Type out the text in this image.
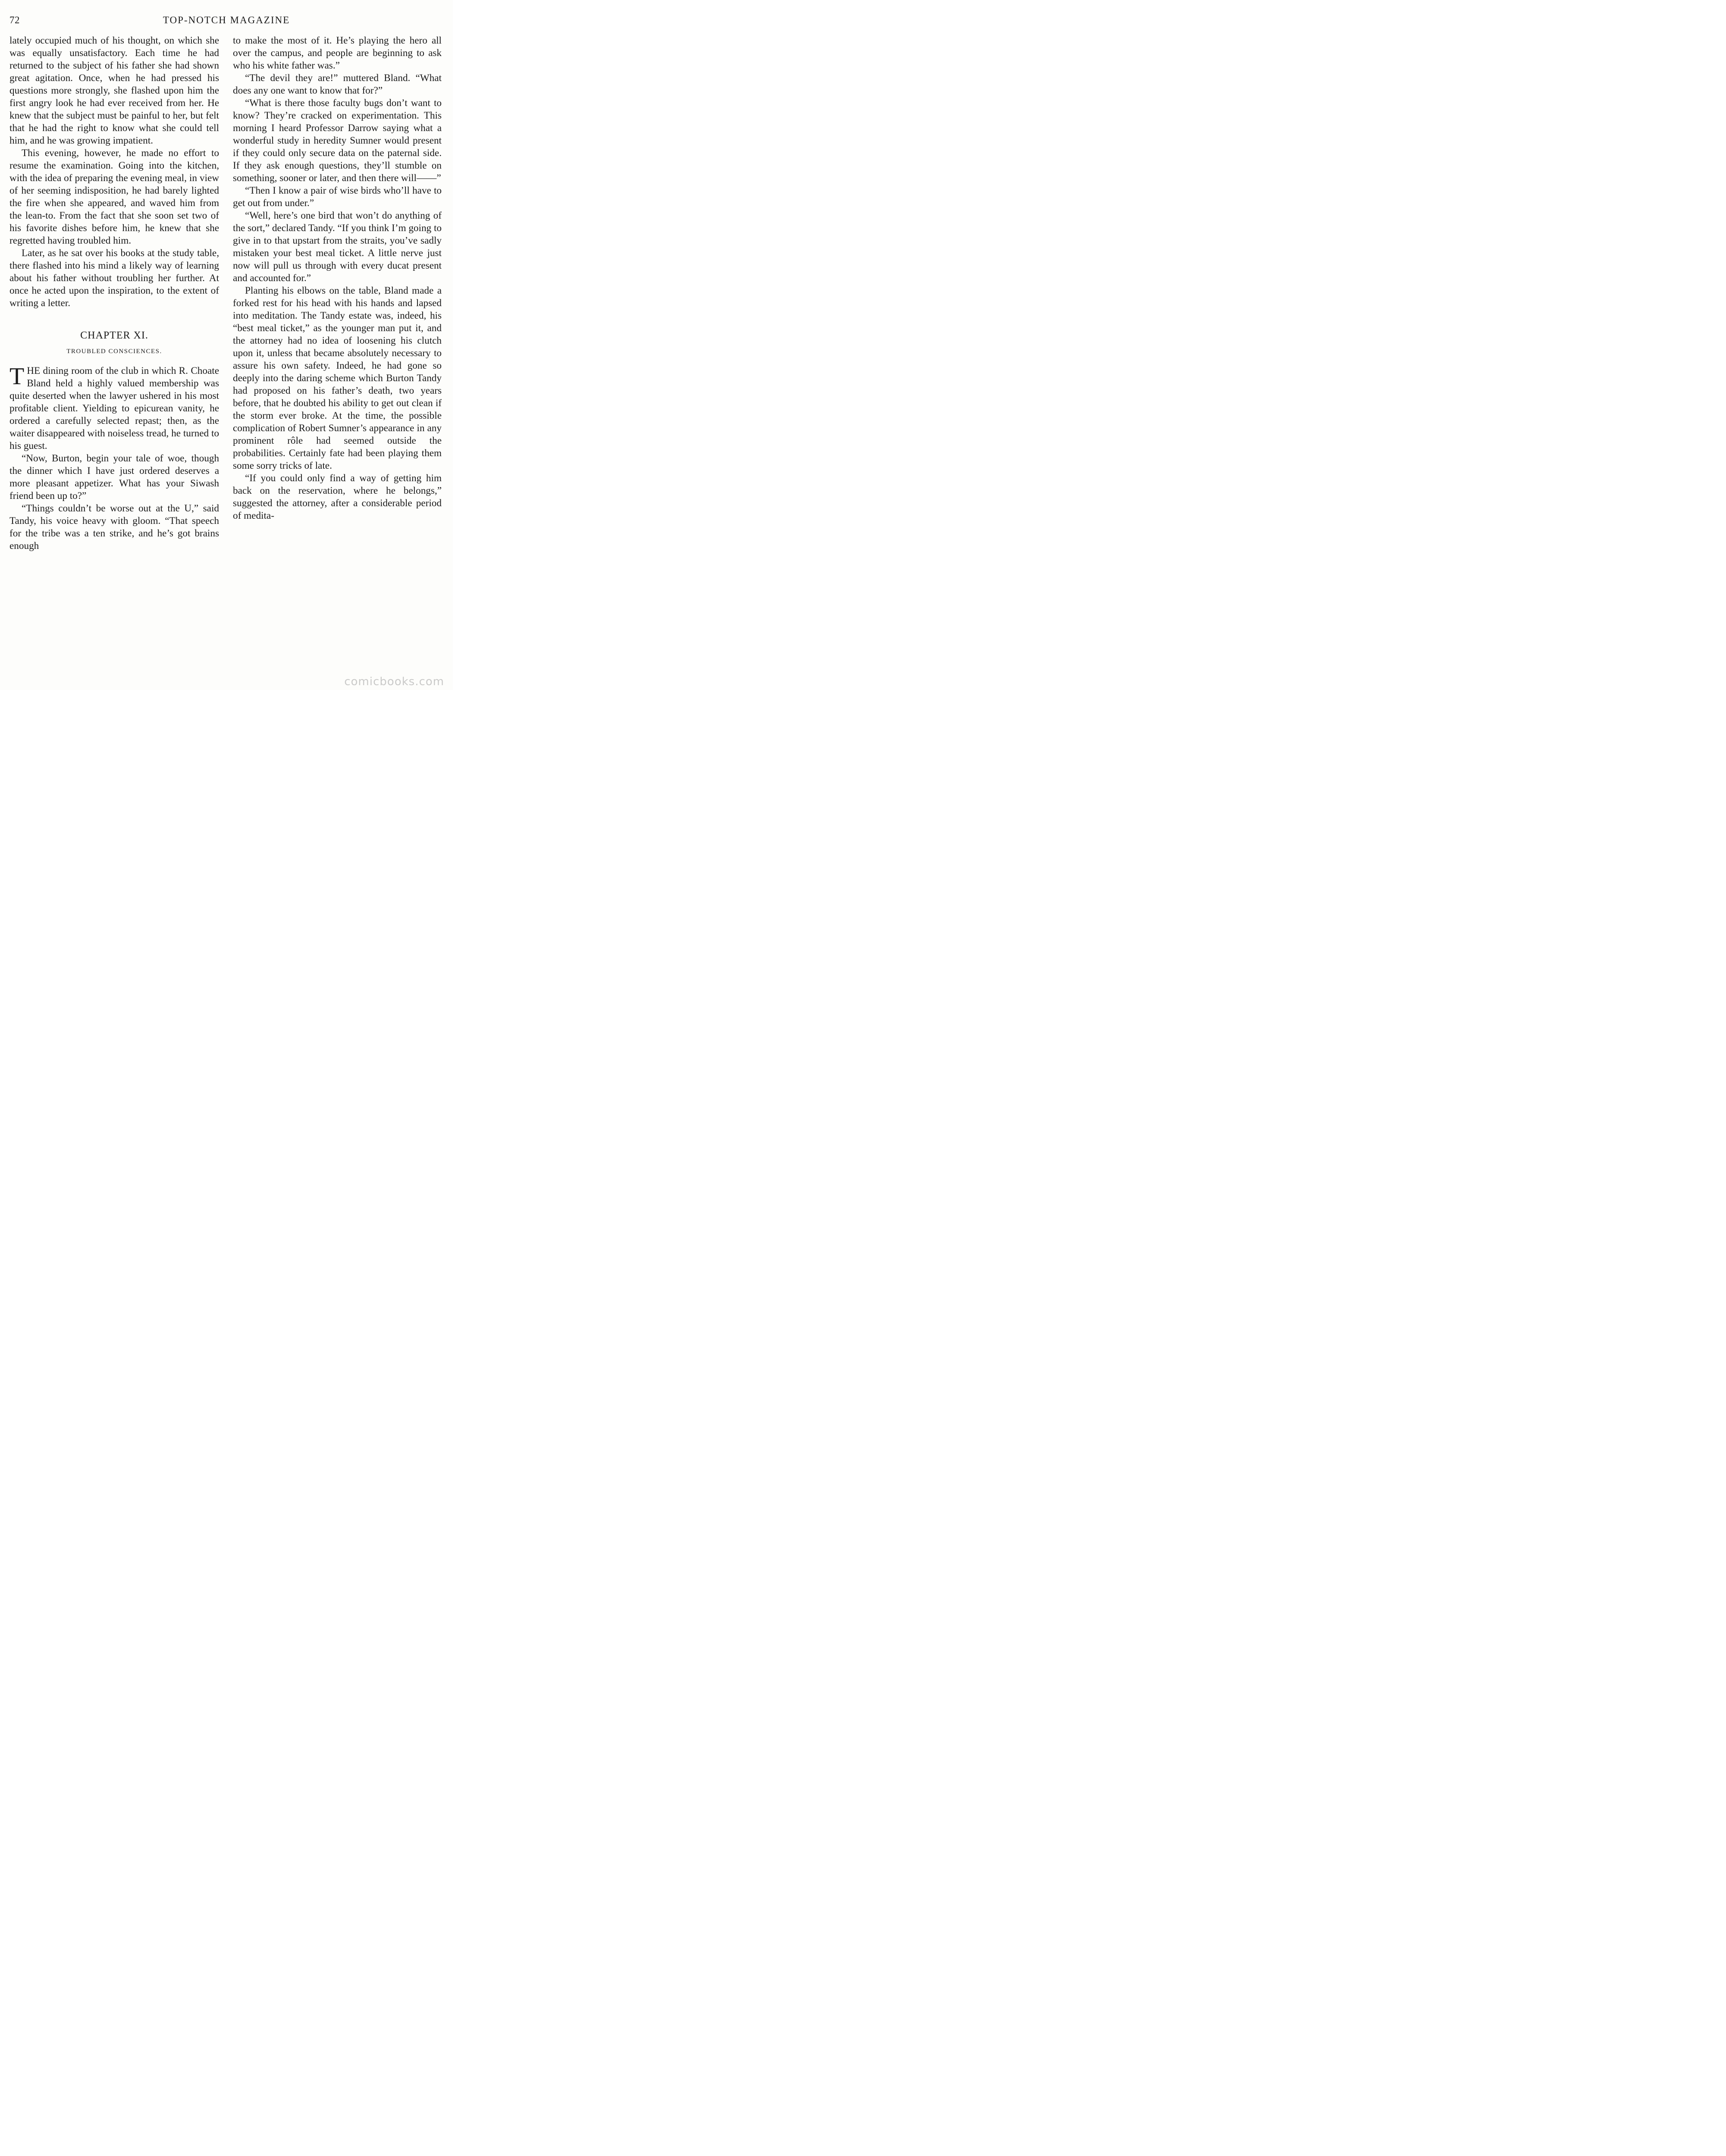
72	TOP-NOTCH MAGAZINE

lately occupied much of his thought, on which she was equally unsatisfactory. Each time he had returned to the subject of his father she had shown great agitation. Once, when he had pressed his questions more strongly, she flashed upon him the first angry look he had ever received from her. He knew that the subject must be painful to her, but felt that he had the right to know what she could tell him, and he was growing impatient.

This evening, however, he made no effort to resume the examination. Going into the kitchen, with the idea of preparing the evening meal, in view of her seeming indisposition, he had barely lighted the fire when she appeared, and waved him from the lean-to. From the fact that she soon set two of his favorite dishes before him, he knew that she regretted having troubled him.

Later, as he sat over his books at the study table, there flashed into his mind a likely way of learning about his father without troubling her further. At once he acted upon the inspiration, to the extent of writing a letter.

CHAPTER XI.
TROUBLED CONSCIENCES.

THE dining room of the club in which R. Choate Bland held a highly valued membership was quite deserted when the lawyer ushered in his most profitable client. Yielding to epicurean vanity, he ordered a carefully selected repast; then, as the waiter disappeared with noiseless tread, he turned to his guest.

“Now, Burton, begin your tale of woe, though the dinner which I have just ordered deserves a more pleasant appetizer. What has your Siwash friend been up to?”

“Things couldn’t be worse out at the U,” said Tandy, his voice heavy with gloom. “That speech for the tribe was a ten strike, and he’s got brains enough

to make the most of it. He’s playing the hero all over the campus, and people are beginning to ask who his white father was.”

“The devil they are!” muttered Bland. “What does any one want to know that for?”

“What is there those faculty bugs don’t want to know? They’re cracked on experimentation. This morning I heard Professor Darrow saying what a wonderful study in heredity Sumner would present if they could only secure data on the paternal side. If they ask enough questions, they’ll stumble on something, sooner or later, and then there will——”

“Then I know a pair of wise birds who’ll have to get out from under.”

“Well, here’s one bird that won’t do anything of the sort,” declared Tandy. “If you think I’m going to give in to that upstart from the straits, you’ve sadly mistaken your best meal ticket. A little nerve just now will pull us through with every ducat present and accounted for.”

Planting his elbows on the table, Bland made a forked rest for his head with his hands and lapsed into meditation. The Tandy estate was, indeed, his “best meal ticket,” as the younger man put it, and the attorney had no idea of loosening his clutch upon it, unless that became absolutely necessary to assure his own safety. Indeed, he had gone so deeply into the daring scheme which Burton Tandy had proposed on his father’s death, two years before, that he doubted his ability to get out clean if the storm ever broke. At the time, the possible complication of Robert Sumner’s appearance in any prominent rôle had seemed outside the probabilities. Certainly fate had been playing them some sorry tricks of late.

“If you could only find a way of getting him back on the reservation, where he belongs,” suggested the attorney, after a considerable period of medita-

comicbooks.com
